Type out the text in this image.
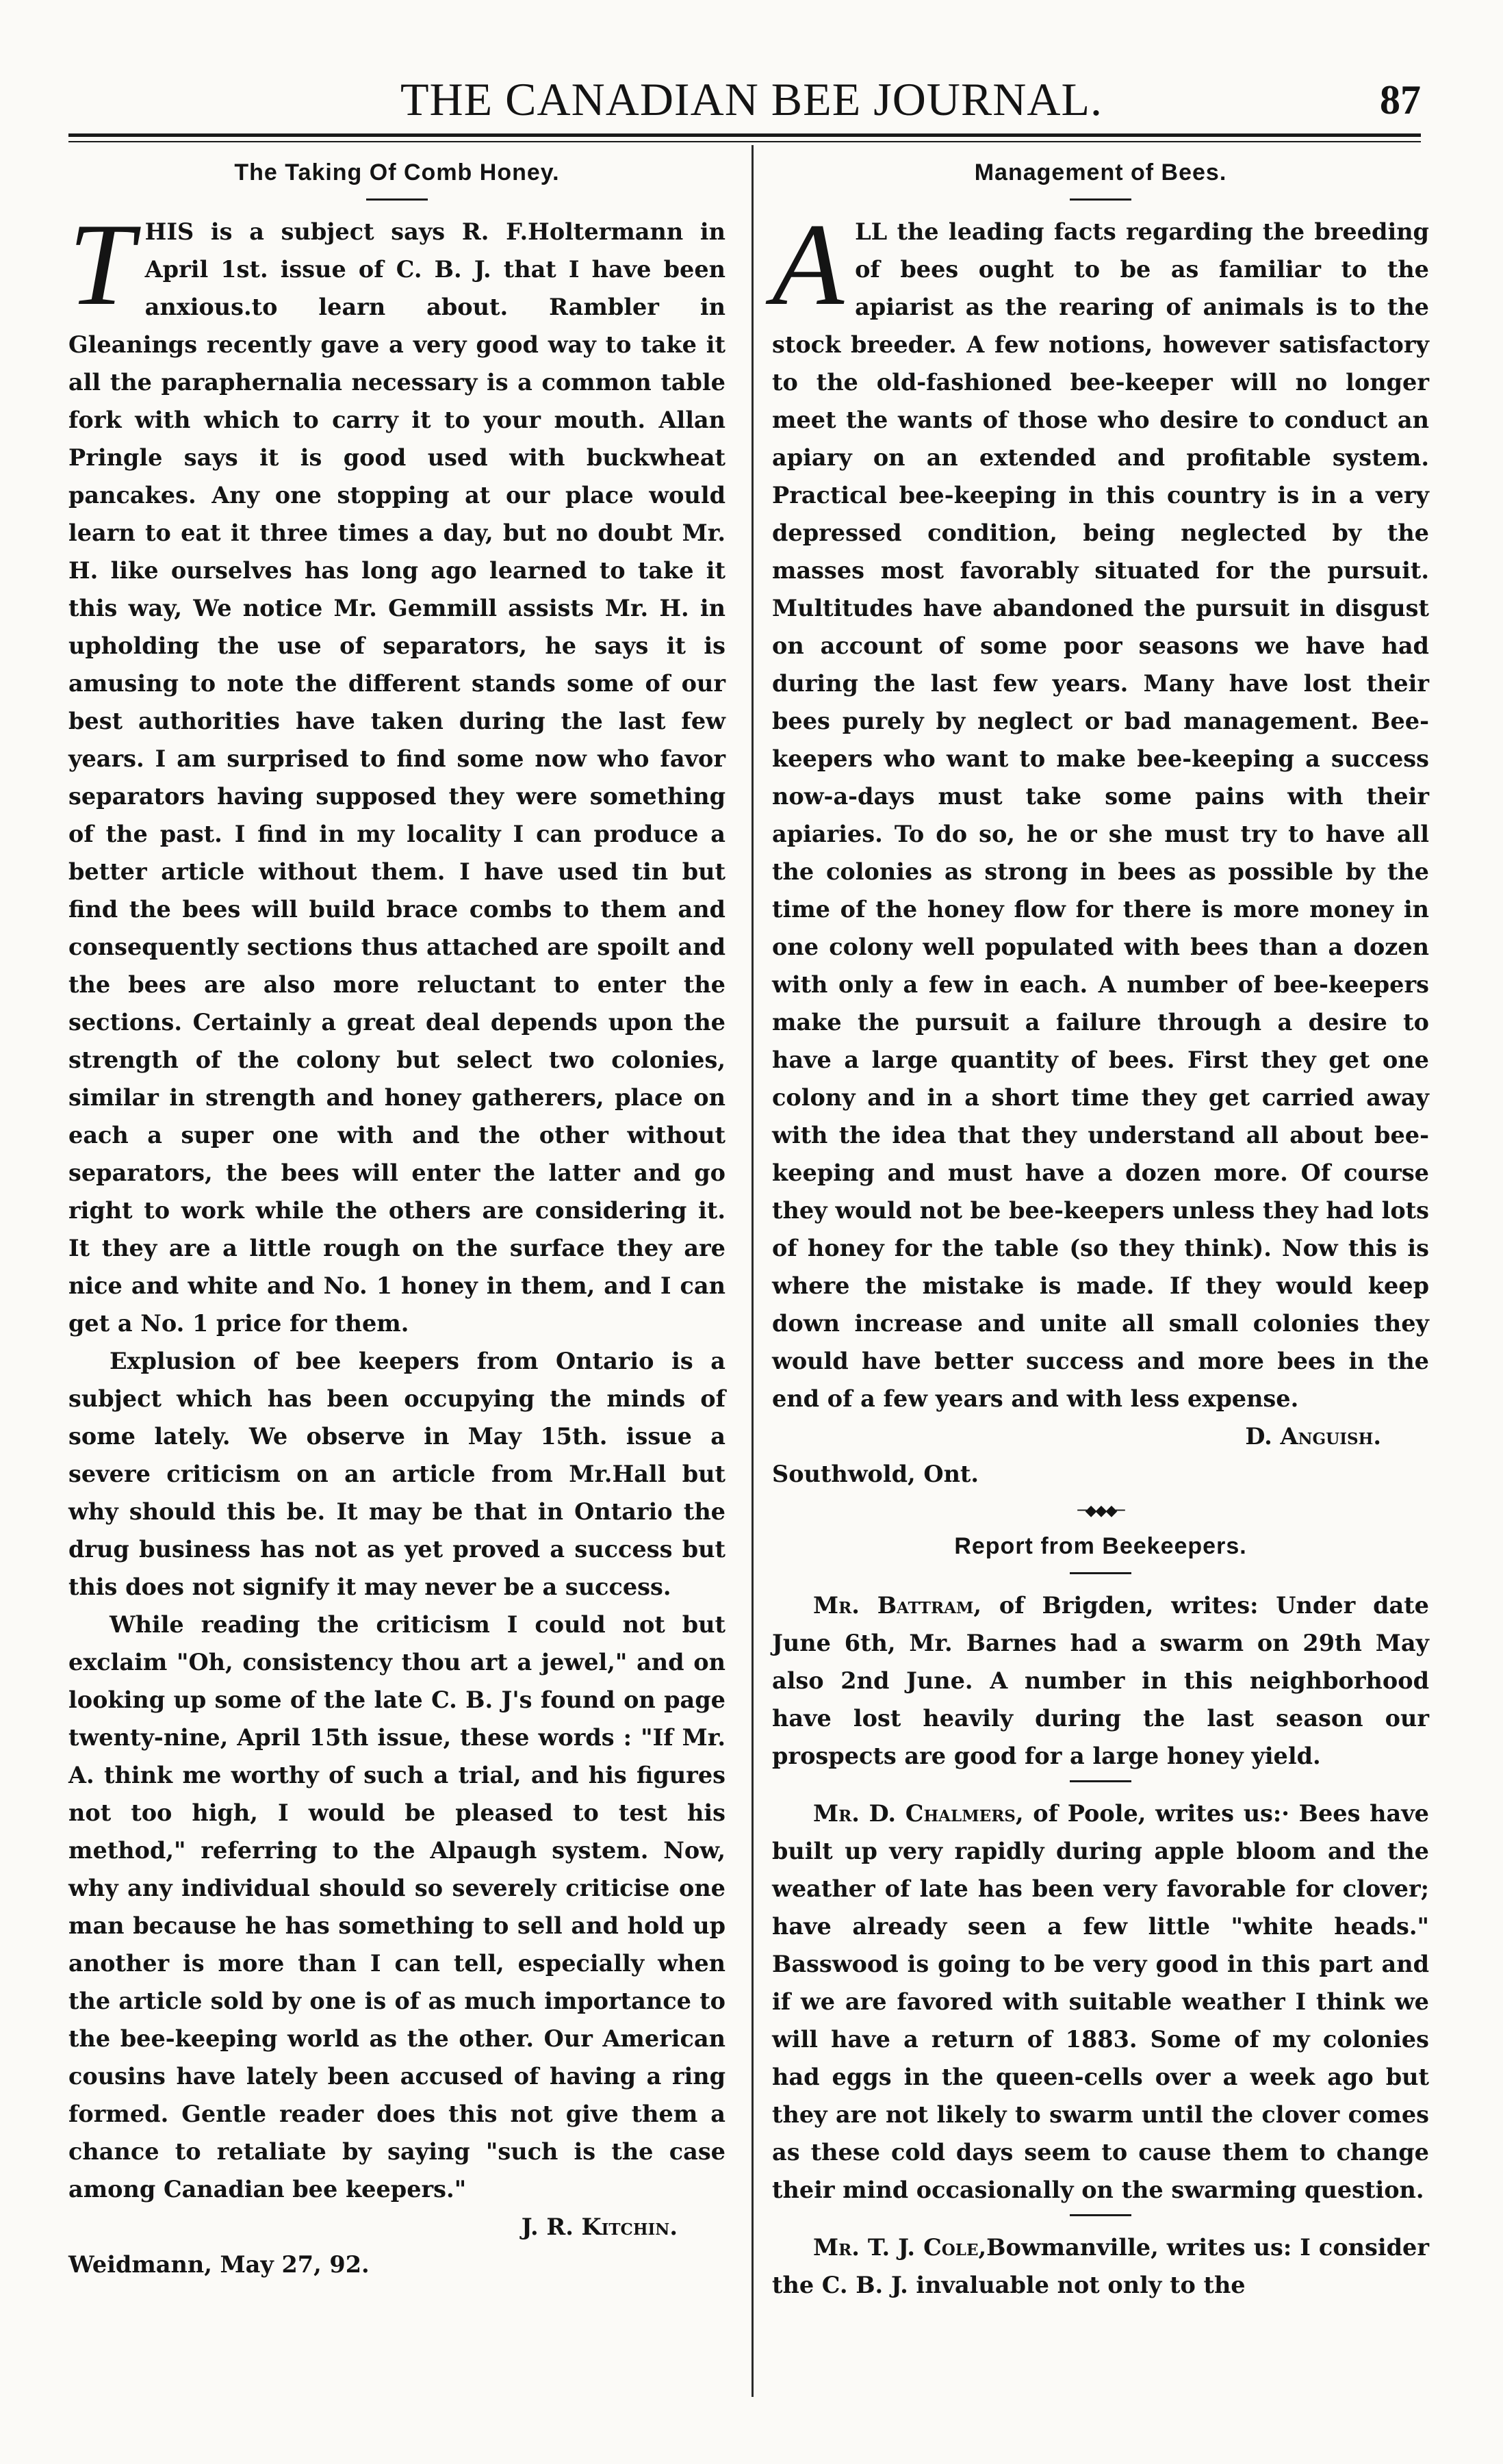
THE CANADIAN BEE JOURNAL.	87
The Taking Of Comb Honey.

THIS is a subject says R. F.Holtermann in April 1st. issue of C. B. J. that I have been anxious.to learn about. Rambler in Gleanings recently gave a very good way to take it all the paraphernalia necessary is a common table fork with which to carry it to your mouth. Allan Pringle says it is good used with buckwheat pancakes. Any one stopping at our place would learn to eat it three times a day, but no doubt Mr. H. like ourselves has long ago learned to take it this way, We notice Mr. Gemmill assists Mr. H. in upholding the use of separators, he says it is amusing to note the different stands some of our best authorities have taken during the last few years. I am surprised to find some now who favor separators having supposed they were something of the past. I find in my locality I can produce a better article without them. I have used tin but find the bees will build brace combs to them and consequently sections thus attached are spoilt and the bees are also more reluctant to enter the sections. Certainly a great deal depends upon the strength of the colony but select two colonies, similar in strength and honey gatherers, place on each a super one with and the other without separators, the bees will enter the latter and go right to work while the others are considering it. It they are a little rough on the surface they are nice and white and No. 1 honey in them, and I can get a No. 1 price for them.

Explusion of bee keepers from Ontario is a subject which has been occupying the minds of some lately. We observe in May 15th. issue a severe criticism on an article from Mr.Hall but why should this be. It may be that in Ontario the drug business has not as yet proved a success but this does not signify it may never be a success.

While reading the criticism I could not but exclaim "Oh, consistency thou art a jewel," and on looking up some of the late C. B. J's found on page twenty-nine, April 15th issue, these words : "If Mr. A. think me worthy of such a trial, and his figures not too high, I would be pleased to test his method," referring to the Alpaugh system. Now, why any individual should so severely criticise one man because he has something to sell and hold up another is more than I can tell, especially when the article sold by one is of as much importance to the bee-keeping world as the other. Our American cousins have lately been accused of having a ring formed. Gentle reader does this not give them a chance to retaliate by saying "such is the case among Canadian bee keepers."

J. R. Kitchin.

Weidmann, May 27, 92.

Management of Bees.

ALL the leading facts regarding the breeding of bees ought to be as familiar to the apiarist as the rearing of animals is to the stock breeder. A few notions, however satisfactory to the old-fashioned bee-keeper will no longer meet the wants of those who desire to conduct an apiary on an extended and profitable system. Practical bee-keeping in this country is in a very depressed condition, being neglected by the masses most favorably situated for the pursuit. Multitudes have abandoned the pursuit in disgust on account of some poor seasons we have had during the last few years. Many have lost their bees purely by neglect or bad management. Bee-keepers who want to make bee-keeping a success now-a-days must take some pains with their apiaries. To do so, he or she must try to have all the colonies as strong in bees as possible by the time of the honey flow for there is more money in one colony well populated with bees than a dozen with only a few in each. A number of bee-keepers make the pursuit a failure through a desire to have a large quantity of bees. First they get one colony and in a short time they get carried away with the idea that they understand all about bee-keeping and must have a dozen more. Of course they would not be bee-keepers unless they had lots of honey for the table (so they think). Now this is where the mistake is made. If they would keep down increase and unite all small colonies they would have better success and more bees in the end of a few years and with less expense.

D. Anguish.

Southwold, Ont.

─◆◆◆─
Report from Beekeepers.

Mr. Battram, of Brigden, writes: Under date June 6th, Mr. Barnes had a swarm on 29th May also 2nd June. A number in this neighborhood have lost heavily during the last season our prospects are good for a large honey yield.

Mr. D. Chalmers, of Poole, writes us:· Bees have built up very rapidly during apple bloom and the weather of late has been very favorable for clover; have already seen a few little "white heads." Basswood is going to be very good in this part and if we are favored with suitable weather I think we will have a return of 1883. Some of my colonies had eggs in the queen-cells over a week ago but they are not likely to swarm until the clover comes as these cold days seem to cause them to change their mind occasionally on the swarming question.

Mr. T. J. Cole,Bowmanville, writes us: I consider the C. B. J. invaluable not only to the
